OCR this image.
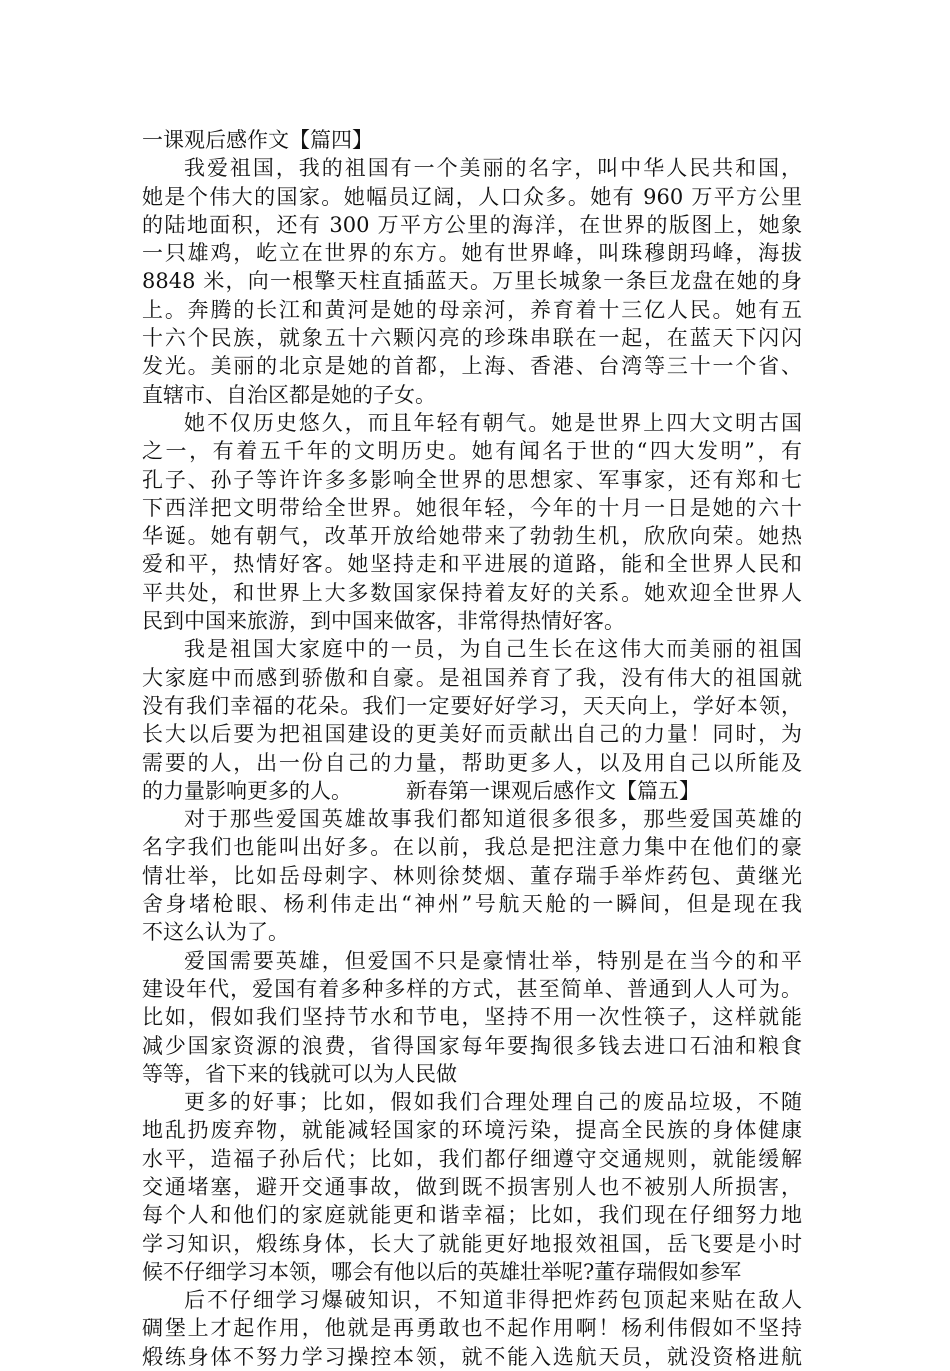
一课观后感作文【篇四】
我爱祖国，我的祖国有一个美丽的名字，叫中华人民共和国，
她是个伟大的国家。她幅员辽阔，人口众多。她有 960 万平方公里
的陆地面积，还有 300 万平方公里的海洋，在世界的版图上，她象
一只雄鸡，屹立在世界的东方。她有世界峰，叫珠穆朗玛峰，海拔
8848 米，向一根擎天柱直插蓝天。万里长城象一条巨龙盘在她的身
上。奔腾的长江和黄河是她的母亲河，养育着十三亿人民。她有五
十六个民族，就象五十六颗闪亮的珍珠串联在一起，在蓝天下闪闪
发光。美丽的北京是她的首都，上海、香港、台湾等三十一个省、
直辖市、自治区都是她的子女。
她不仅历史悠久，而且年轻有朝气。她是世界上四大文明古国
之一，有着五千年的文明历史。她有闻名于世的“四大发明”，有
孔子、孙子等许许多多影响全世界的思想家、军事家，还有郑和七
下西洋把文明带给全世界。她很年轻，今年的十月一日是她的六十
华诞。她有朝气，改革开放给她带来了勃勃生机，欣欣向荣。她热
爱和平，热情好客。她坚持走和平进展的道路，能和全世界人民和
平共处，和世界上大多数国家保持着友好的关系。她欢迎全世界人
民到中国来旅游，到中国来做客，非常得热情好客。
我是祖国大家庭中的一员，为自己生长在这伟大而美丽的祖国
大家庭中而感到骄傲和自豪。是祖国养育了我，没有伟大的祖国就
没有我们幸福的花朵。我们一定要好好学习，天天向上，学好本领，
长大以后要为把祖国建设的更美好而贡献出自己的力量！同时，为
需要的人，出一份自己的力量，帮助更多人，以及用自己以所能及
的力量影响更多的人。	新春第一课观后感作文【篇五】
对于那些爱国英雄故事我们都知道很多很多，那些爱国英雄的
名字我们也能叫出好多。在以前，我总是把注意力集中在他们的豪
情壮举，比如岳母刺字、林则徐焚烟、董存瑞手举炸药包、黄继光
舍身堵枪眼、杨利伟走出“神州”号航天舱的一瞬间，但是现在我
不这么认为了。
爱国需要英雄，但爱国不只是豪情壮举，特别是在当今的和平
建设年代，爱国有着多种多样的方式，甚至简单、普通到人人可为。
比如，假如我们坚持节水和节电，坚持不用一次性筷子，这样就能
减少国家资源的浪费，省得国家每年要掏很多钱去进口石油和粮食
等等，省下来的钱就可以为人民做
更多的好事；比如，假如我们合理处理自己的废品垃圾，不随
地乱扔废弃物，就能减轻国家的环境污染，提高全民族的身体健康
水平，造福子孙后代；比如，我们都仔细遵守交通规则，就能缓解
交通堵塞，避开交通事故，做到既不损害别人也不被别人所损害，
每个人和他们的家庭就能更和谐幸福；比如，我们现在仔细努力地
学习知识，煅练身体，长大了就能更好地报效祖国，岳飞要是小时
候不仔细学习本领，哪会有他以后的英雄壮举呢?董存瑞假如参军
后不仔细学习爆破知识，不知道非得把炸药包顶起来贴在敌人
碉堡上才起作用，他就是再勇敢也不起作用啊！杨利伟假如不坚持
煅练身体不努力学习操控本领，就不能入选航天员，就没资格进航
